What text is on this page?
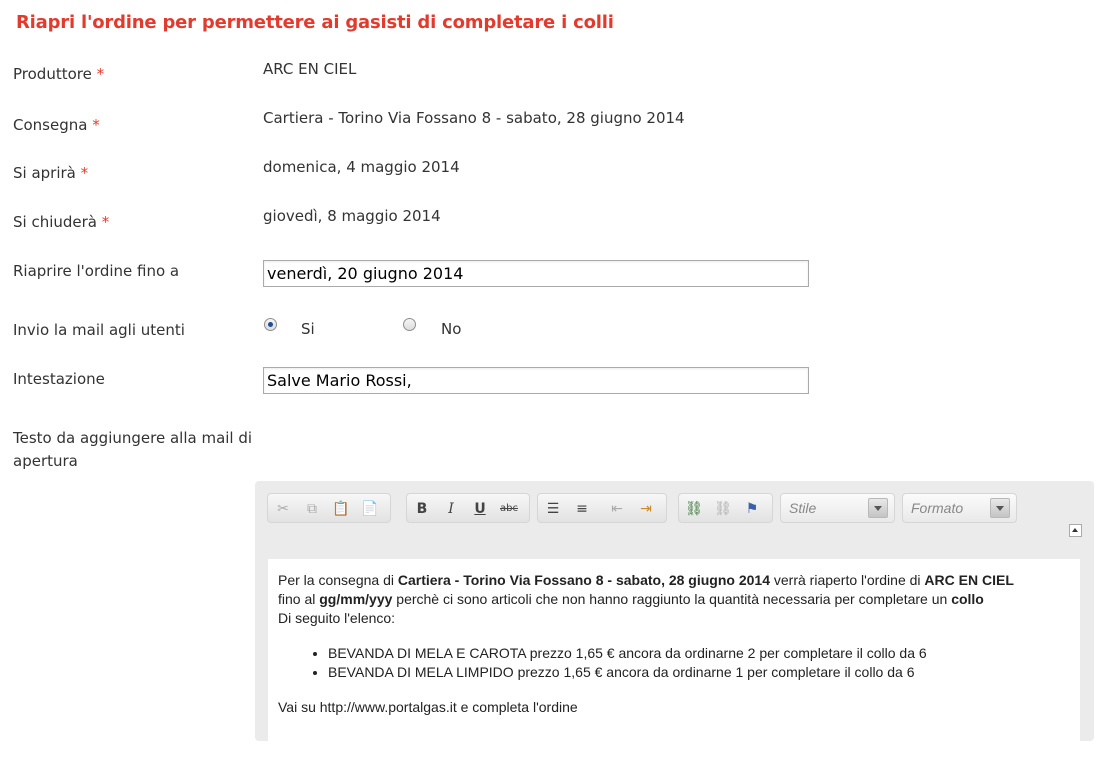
Riapri l'ordine per permettere ai gasisti di completare i colli
Produttore *	ARC EN CIEL
Consegna *	Cartiera - Torino Via Fossano 8 - sabato, 28 giugno 2014
Si aprirà *	domenica, 4 maggio 2014
Si chiuderà *	giovedì, 8 maggio 2014
Riaprire l'ordine fino a	venerdì, 20 giugno 2014
Invio la mail agli utenti	Si	No
Intestazione	Salve Mario Rossi,
Testo da aggiungere alla mail di apertura
✂	⧉	📋 📄	B	I	U	abc	☰	≡	⇤	⇥	⛓ ⛓ ⚑	Stile	Formato

Per la consegna di Cartiera - Torino Via Fossano 8 - sabato, 28 giugno 2014 verrà riaperto l'ordine di ARC EN CIEL

fino al gg/mm/yyy perchè ci sono articoli che non hanno raggiunto la quantità necessaria per completare un collo

Di seguito l'elenco:

• BEVANDA DI MELA E CAROTA prezzo 1,65 € ancora da ordinarne 2 per completare il collo da 6
• BEVANDA DI MELA LIMPIDO prezzo 1,65 € ancora da ordinarne 1 per completare il collo da 6

Vai su http://www.portalgas.it e completa l'ordine
